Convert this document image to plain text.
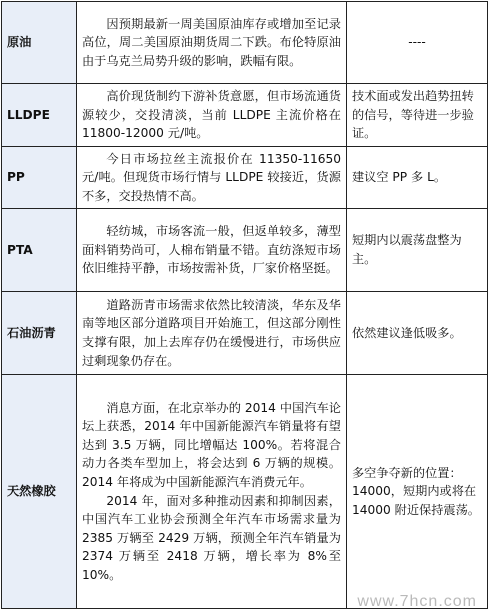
原油	因预期最新一周美国原油库存或增加至记录高位，周二美国原油期货周二下跌。布伦特原油由于乌克兰局势升级的影响，跌幅有限。	----
LLDPE	高价现货制约下游补货意愿，但市场流通货源较少，交投清淡，当前 LLDPE 主流价格在 11800-12000 元/吨。	技术面或发出趋势扭转的信号，等待进一步验证。
PP	今日市场拉丝主流报价在 11350-11650 元/吨。但现货市场行情与 LLDPE 较接近，货源不多，交投热情不高。	建议空 PP 多 L。
PTA	轻纺城，市场客流一般，但返单较多，薄型面料销势尚可，人棉布销量不错。直纺涤短市场依旧维持平静，市场按需补货，厂家价格坚挺。	短期内以震荡盘整为主。
石油沥青	道路沥青市场需求依然比较清淡，华东及华南等地区部分道路项目开始施工，但这部分刚性支撑有限，加上去库存仍在缓慢进行，市场供应过剩现象仍存在。	依然建议逢低吸多。
天然橡胶	消息方面，在北京举办的 2014 中国汽车论坛上获悉，2014 年中国新能源汽车销量将有望达到 3.5 万辆，同比增幅达 100%。若将混合动力各类车型加上，将会达到 6 万辆的规模。2014 年将成为中国新能源汽车消费元年。

2014 年，面对多种推动因素和抑制因素，中国汽车工业协会预测全年汽车市场需求量为 2385 万辆至 2429 万辆，预测全年汽车销量为 2374 万辆至 2418 万辆，增长率为 8%至 10%。	多空争夺新的位置：14000，短期内或将在 14000 附近保持震荡。
www.7hcn.com
